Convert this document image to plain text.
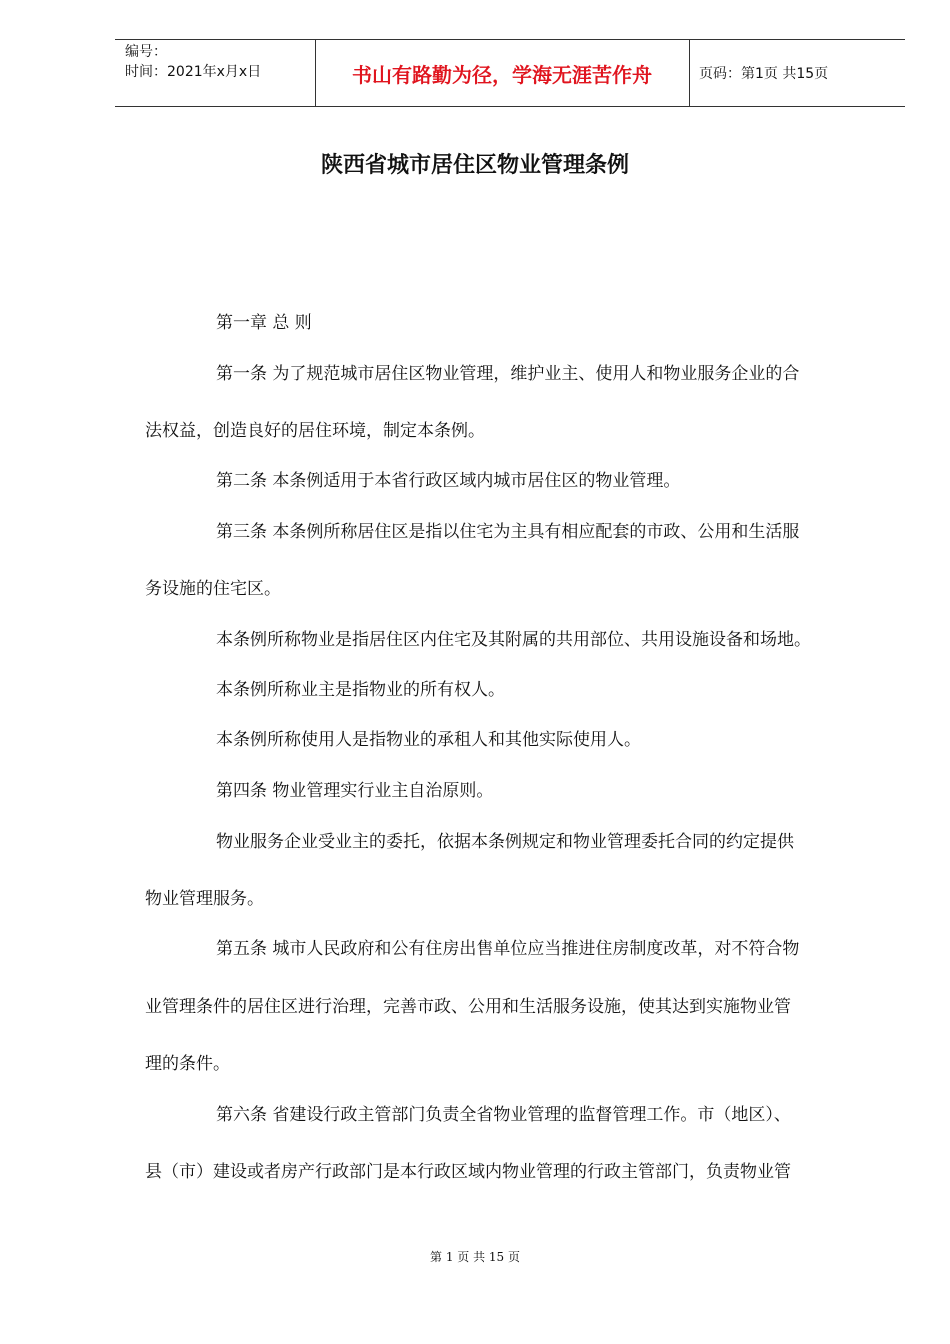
编号：
时间：2021年x月x日	书山有路勤为径，学海无涯苦作舟	页码：第1页 共15页
陕西省城市居住区物业管理条例
第一章 总 则
第一条 为了规范城市居住区物业管理，维护业主、使用人和物业服务企业的合
法权益，创造良好的居住环境，制定本条例。
第二条 本条例适用于本省行政区域内城市居住区的物业管理。
第三条 本条例所称居住区是指以住宅为主具有相应配套的市政、公用和生活服
务设施的住宅区。
本条例所称物业是指居住区内住宅及其附属的共用部位、共用设施设备和场地。
本条例所称业主是指物业的所有权人。
本条例所称使用人是指物业的承租人和其他实际使用人。
第四条 物业管理实行业主自治原则。
物业服务企业受业主的委托，依据本条例规定和物业管理委托合同的约定提供
物业管理服务。
第五条 城市人民政府和公有住房出售单位应当推进住房制度改革，对不符合物
业管理条件的居住区进行治理，完善市政、公用和生活服务设施，使其达到实施物业管
理的条件。
第六条 省建设行政主管部门负责全省物业管理的监督管理工作。市（地区）、
县（市）建设或者房产行政部门是本行政区域内物业管理的行政主管部门，负责物业管
第 1 页 共 15 页
